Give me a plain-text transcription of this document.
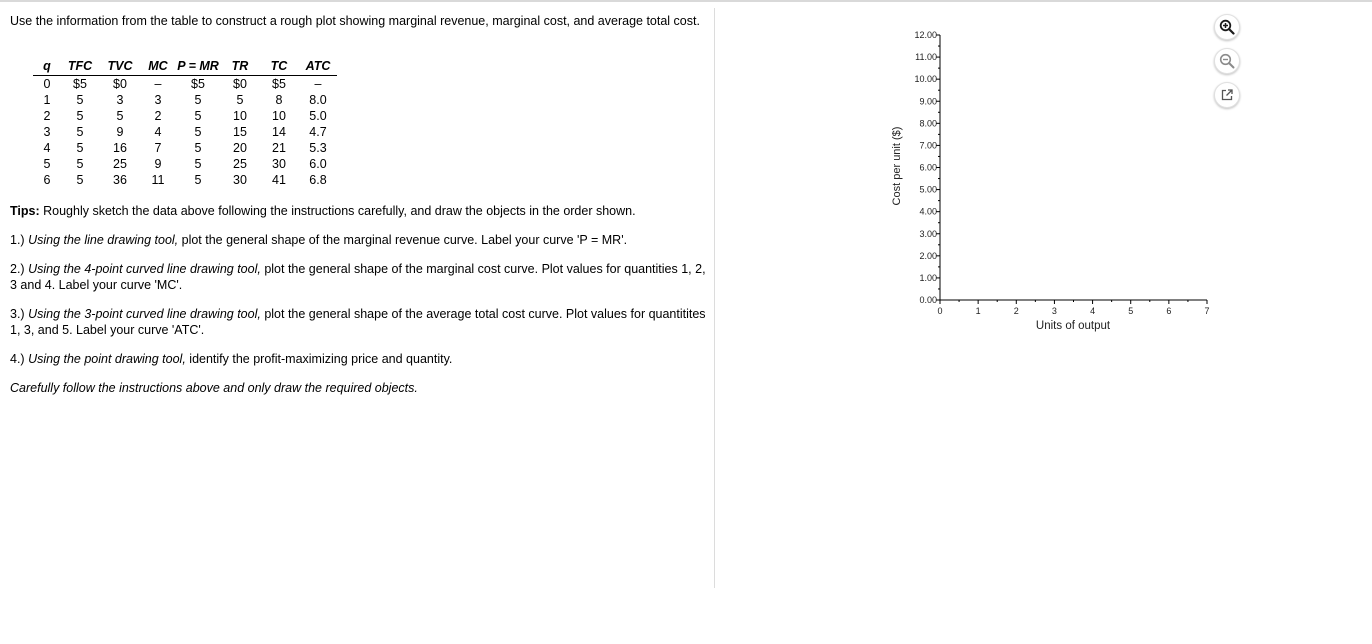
Use the information from the table to construct a rough plot showing marginal revenue, marginal cost, and average total cost.

q	TFC	TVC	MC	P = MR	TR	TC	ATC
0	$5	$0	–	$5	$0	$5	–
1	5	3	3	5	5	8	8.0
2	5	5	2	5	10	10	5.0
3	5	9	4	5	15	14	4.7
4	5	16	7	5	20	21	5.3
5	5	25	9	5	25	30	6.0
6	5	36	11	5	30	41	6.8

Tips: Roughly sketch the data above following the instructions carefully, and draw the objects in the order shown.

1.) Using the line drawing tool, plot the general shape of the marginal revenue curve. Label your curve 'P = MR'.

2.) Using the 4-point curved line drawing tool, plot the general shape of the marginal cost curve. Plot values for quantities 1, 2, 3 and 4. Label your curve 'MC'.

3.) Using the 3-point curved line drawing tool, plot the general shape of the average total cost curve. Plot values for quantitites 1, 3, and 5. Label your curve 'ATC'.

4.) Using the point drawing tool, identify the profit-maximizing price and quantity.

Carefully follow the instructions above and only draw the required objects.

0.00
1.00
2.00
3.00
4.00
5.00
6.00
7.00
8.00
9.00
10.00
11.00
12.00
0	1	2	3	4	5	6	7
Units of output
Cost per unit ($)
